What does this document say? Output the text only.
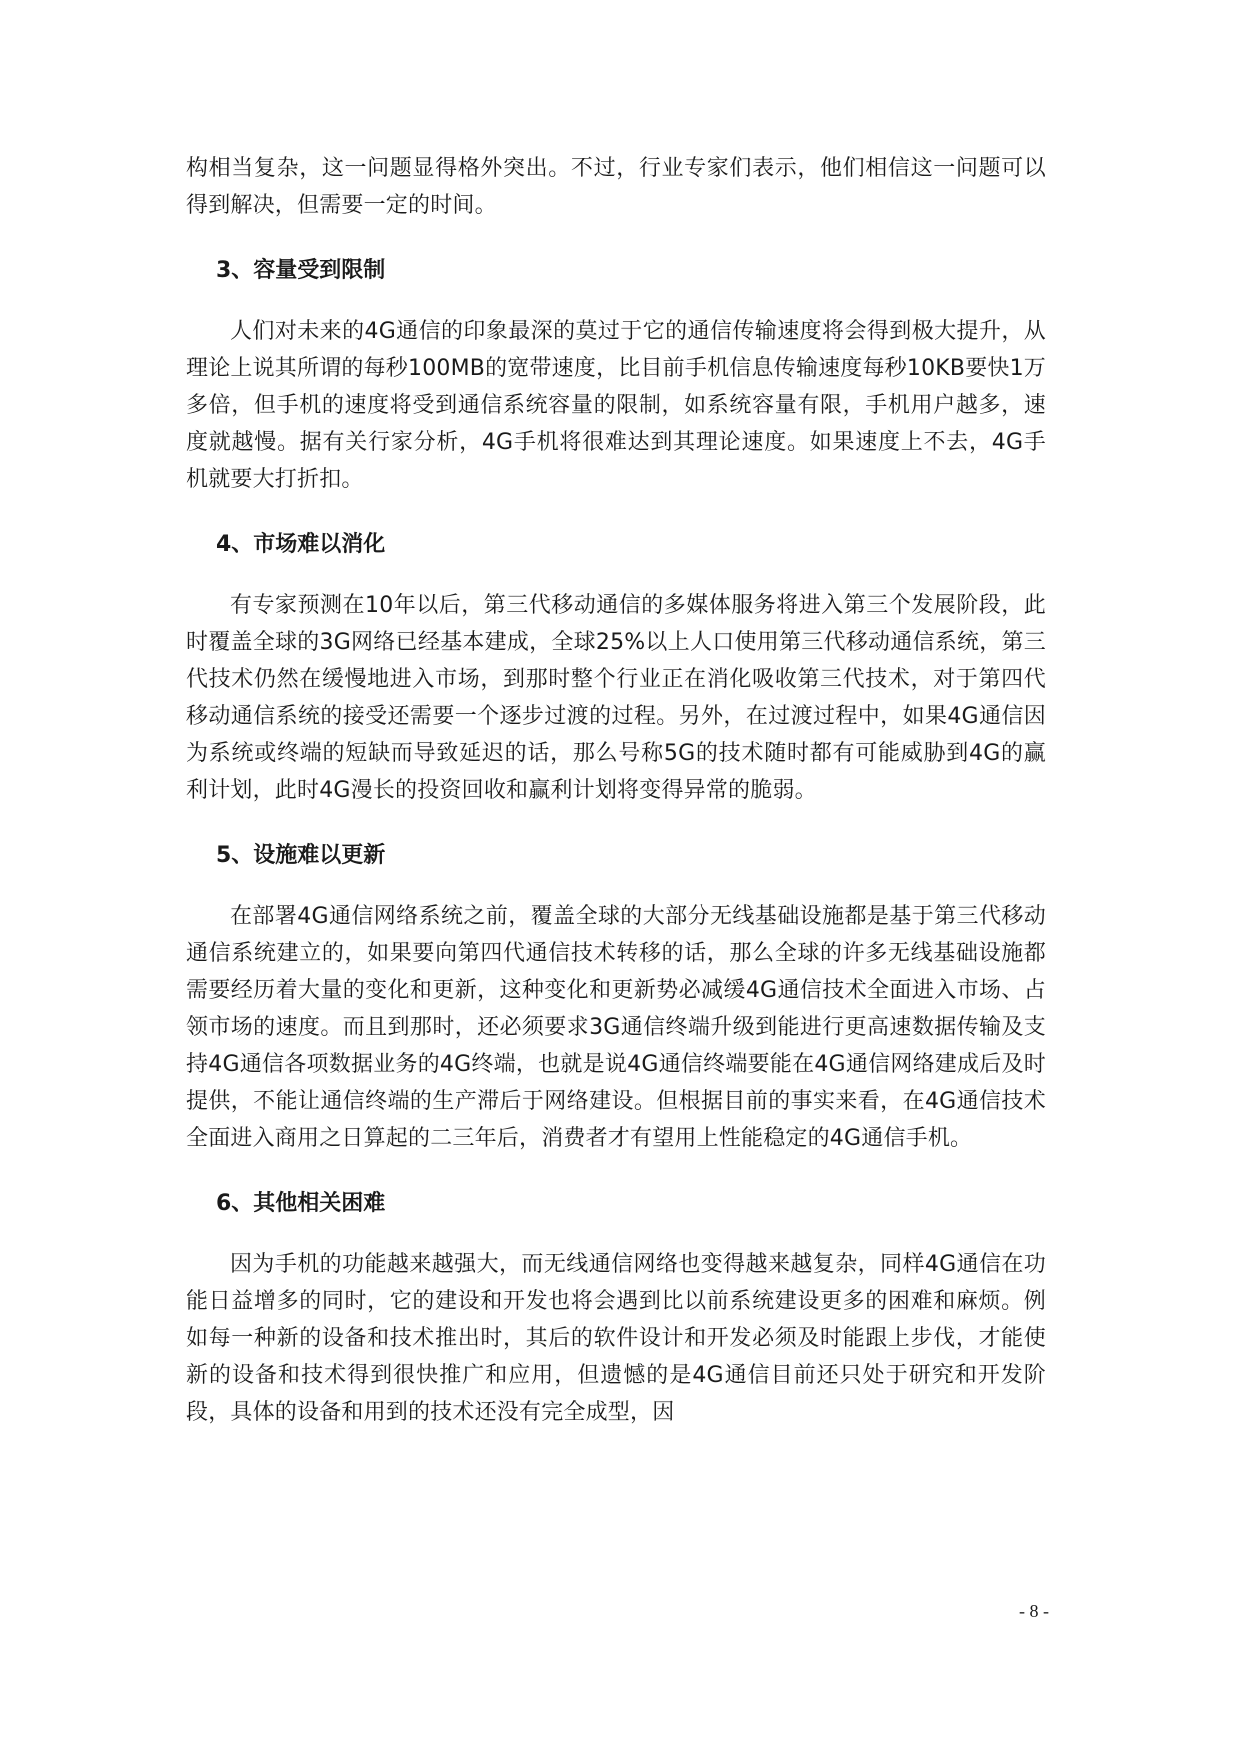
构相当复杂，这一问题显得格外突出。不过，行业专家们表示，他们相信这一问题可以得到解决，但需要一定的时间。

3、容量受到限制

人们对未来的4G通信的印象最深的莫过于它的通信传输速度将会得到极大提升，从理论上说其所谓的每秒100MB的宽带速度，比目前手机信息传输速度每秒10KB要快1万多倍，但手机的速度将受到通信系统容量的限制，如系统容量有限，手机用户越多，速度就越慢。据有关行家分析，4G手机将很难达到其理论速度。如果速度上不去，4G手机就要大打折扣。

4、市场难以消化

有专家预测在10年以后，第三代移动通信的多媒体服务将进入第三个发展阶段，此时覆盖全球的3G网络已经基本建成，全球25%以上人口使用第三代移动通信系统，第三代技术仍然在缓慢地进入市场，到那时整个行业正在消化吸收第三代技术，对于第四代移动通信系统的接受还需要一个逐步过渡的过程。另外，在过渡过程中，如果4G通信因为系统或终端的短缺而导致延迟的话，那么号称5G的技术随时都有可能威胁到4G的赢利计划，此时4G漫长的投资回收和赢利计划将变得异常的脆弱。

5、设施难以更新

在部署4G通信网络系统之前，覆盖全球的大部分无线基础设施都是基于第三代移动通信系统建立的，如果要向第四代通信技术转移的话，那么全球的许多无线基础设施都需要经历着大量的变化和更新，这种变化和更新势必减缓4G通信技术全面进入市场、占领市场的速度。而且到那时，还必须要求3G通信终端升级到能进行更高速数据传输及支持4G通信各项数据业务的4G终端，也就是说4G通信终端要能在4G通信网络建成后及时提供，不能让通信终端的生产滞后于网络建设。但根据目前的事实来看，在4G通信技术全面进入商用之日算起的二三年后，消费者才有望用上性能稳定的4G通信手机。

6、其他相关困难

因为手机的功能越来越强大，而无线通信网络也变得越来越复杂，同样4G通信在功能日益增多的同时，它的建设和开发也将会遇到比以前系统建设更多的困难和麻烦。例如每一种新的设备和技术推出时，其后的软件设计和开发必须及时能跟上步伐，才能使新的设备和技术得到很快推广和应用，但遗憾的是4G通信目前还只处于研究和开发阶段，具体的设备和用到的技术还没有完全成型，因

- 8 -
